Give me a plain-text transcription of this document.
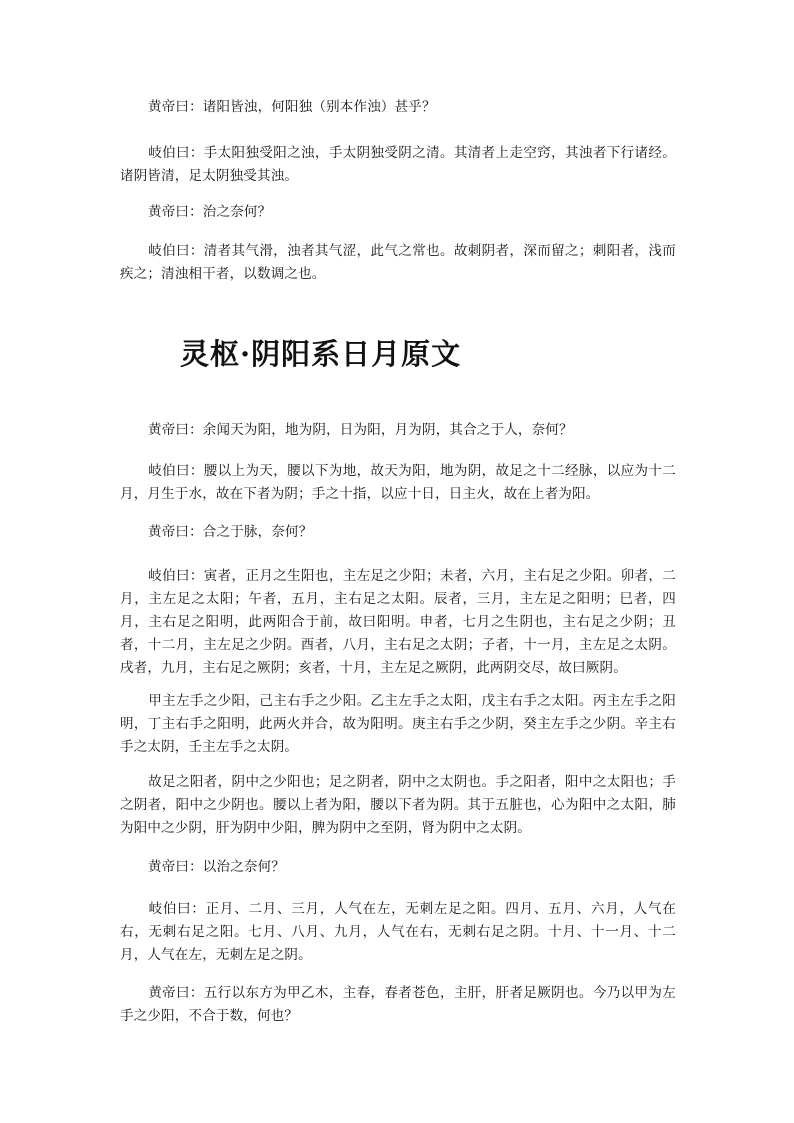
黄帝曰：诸阳皆浊，何阳独（别本作浊）甚乎？

岐伯曰：手太阳独受阳之浊，手太阴独受阴之清。其清者上走空窍，其浊者下行诸经。诸阴皆清，足太阴独受其浊。

黄帝曰：治之奈何？

岐伯曰：清者其气滑，浊者其气涩，此气之常也。故刺阴者，深而留之；刺阳者，浅而疾之；清浊相干者，以数调之也。

灵枢·阴阳系日月原文

黄帝曰：余闻天为阳，地为阴，日为阳，月为阴，其合之于人，奈何？

岐伯曰：腰以上为天，腰以下为地，故天为阳，地为阴，故足之十二经脉，以应为十二月，月生于水，故在下者为阴；手之十指，以应十日，日主火，故在上者为阳。

黄帝曰：合之于脉，奈何？

岐伯曰：寅者，正月之生阳也，主左足之少阳；未者，六月，主右足之少阳。卯者，二月，主左足之太阳；午者，五月，主右足之太阳。辰者，三月，主左足之阳明；巳者，四月，主右足之阳明，此两阳合于前，故曰阳明。申者，七月之生阴也，主右足之少阴；丑者，十二月，主左足之少阴。酉者，八月，主右足之太阴；子者，十一月，主左足之太阴。戌者，九月，主右足之厥阴；亥者，十月，主左足之厥阴，此两阴交尽，故曰厥阴。

甲主左手之少阳，己主右手之少阳。乙主左手之太阳，戊主右手之太阳。丙主左手之阳明，丁主右手之阳明，此两火并合，故为阳明。庚主右手之少阴，癸主左手之少阴。辛主右手之太阴，壬主左手之太阴。

故足之阳者，阴中之少阳也；足之阴者，阴中之太阴也。手之阳者，阳中之太阳也；手之阴者，阳中之少阴也。腰以上者为阳，腰以下者为阴。其于五脏也，心为阳中之太阳，肺为阳中之少阴，肝为阴中少阳，脾为阴中之至阴，肾为阴中之太阴。

黄帝曰：以治之奈何？

岐伯曰：正月、二月、三月，人气在左，无刺左足之阳。四月、五月、六月，人气在右，无刺右足之阳。七月、八月、九月，人气在右，无刺右足之阴。十月、十一月、十二月，人气在左，无刺左足之阴。

黄帝曰：五行以东方为甲乙木，主春，春者苍色，主肝，肝者足厥阴也。今乃以甲为左手之少阳，不合于数，何也？
